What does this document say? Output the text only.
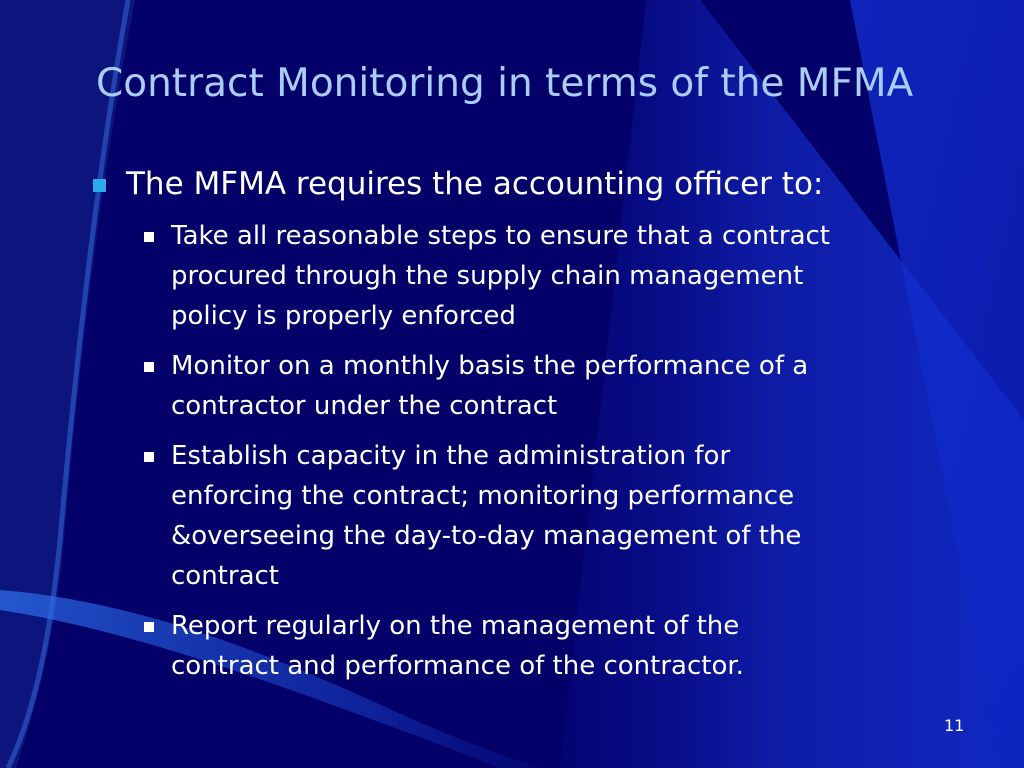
Contract Monitoring in terms of the MFMA
The MFMA requires the accounting officer to:
Take all reasonable steps to ensure that a contract
procured through the supply chain management
policy is properly enforced
Monitor on a monthly basis the performance of a
contractor under the contract
Establish capacity in the administration for
enforcing the contract; monitoring performance
&overseeing the day-to-day management of the
contract
Report regularly on the management of the
contract and performance of the contractor.
11
